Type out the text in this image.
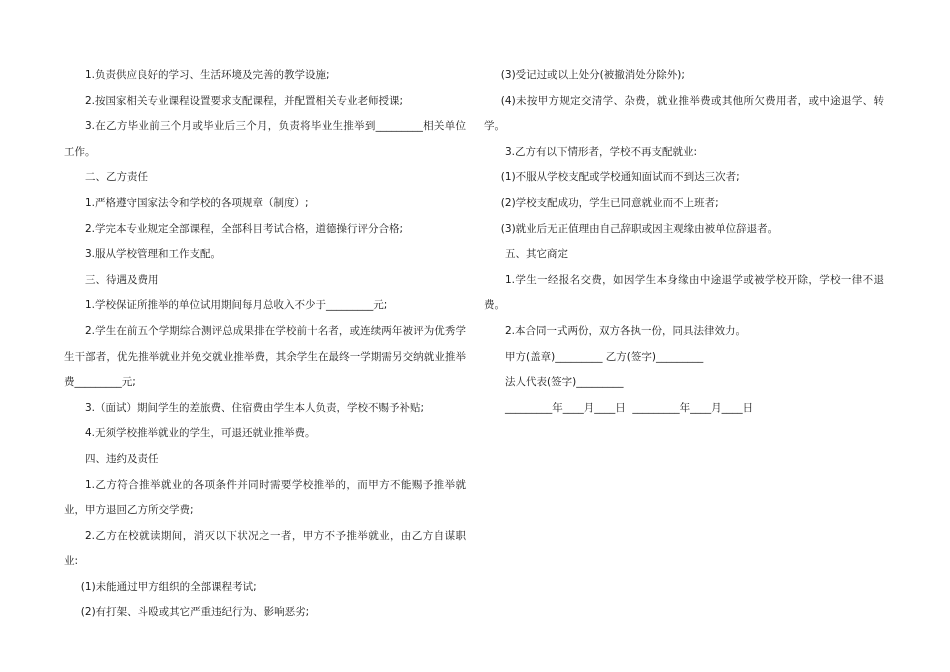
1.负责供应良好的学习、生活环境及完善的教学设施;

2.按国家相关专业课程设置要求支配课程，并配置相关专业老师授课;

3.在乙方毕业前三个月或毕业后三个月，负责将毕业生推举到_________相关单位工作。

二、乙方责任

1.严格遵守国家法令和学校的各项规章（制度）;

2.学完本专业规定全部课程，全部科目考试合格，道德操行评分合格;

3.服从学校管理和工作支配。

三、待遇及费用

1.学校保证所推举的单位试用期间每月总收入不少于_________元;

2.学生在前五个学期综合测评总成果排在学校前十名者，或连续两年被评为优秀学生干部者，优先推举就业并免交就业推举费，其余学生在最终一学期需另交纳就业推举费_________元;

3.（面试）期间学生的差旅费、住宿费由学生本人负责，学校不赐予补贴;

4.无须学校推举就业的学生，可退还就业推举费。

四、违约及责任

1.乙方符合推举就业的各项条件并同时需要学校推举的，而甲方不能赐予推举就业，甲方退回乙方所交学费;

2.乙方在校就读期间，消灭以下状况之一者，甲方不予推举就业，由乙方自谋职业:

(1)未能通过甲方组织的全部课程考试;

(2)有打架、斗殴或其它严重违纪行为、影响恶劣;

(3)受记过或以上处分(被撤消处分除外);

(4)未按甲方规定交清学、杂费，就业推举费或其他所欠费用者，或中途退学、转学。

3.乙方有以下情形者，学校不再支配就业:

(1)不服从学校支配或学校通知面试而不到达三次者;

(2)学校支配成功，学生已同意就业而不上班者;

(3)就业后无正值理由自己辞职或因主观缘由被单位辞退者。

五、其它商定

1.学生一经报名交费，如因学生本身缘由中途退学或被学校开除，学校一律不退费。

2.本合同一式两份，双方各执一份，同具法律效力。

甲方(盖章)_________ 乙方(签字)_________

法人代表(签字)_________

_________年____月____日  _________年____月____日
